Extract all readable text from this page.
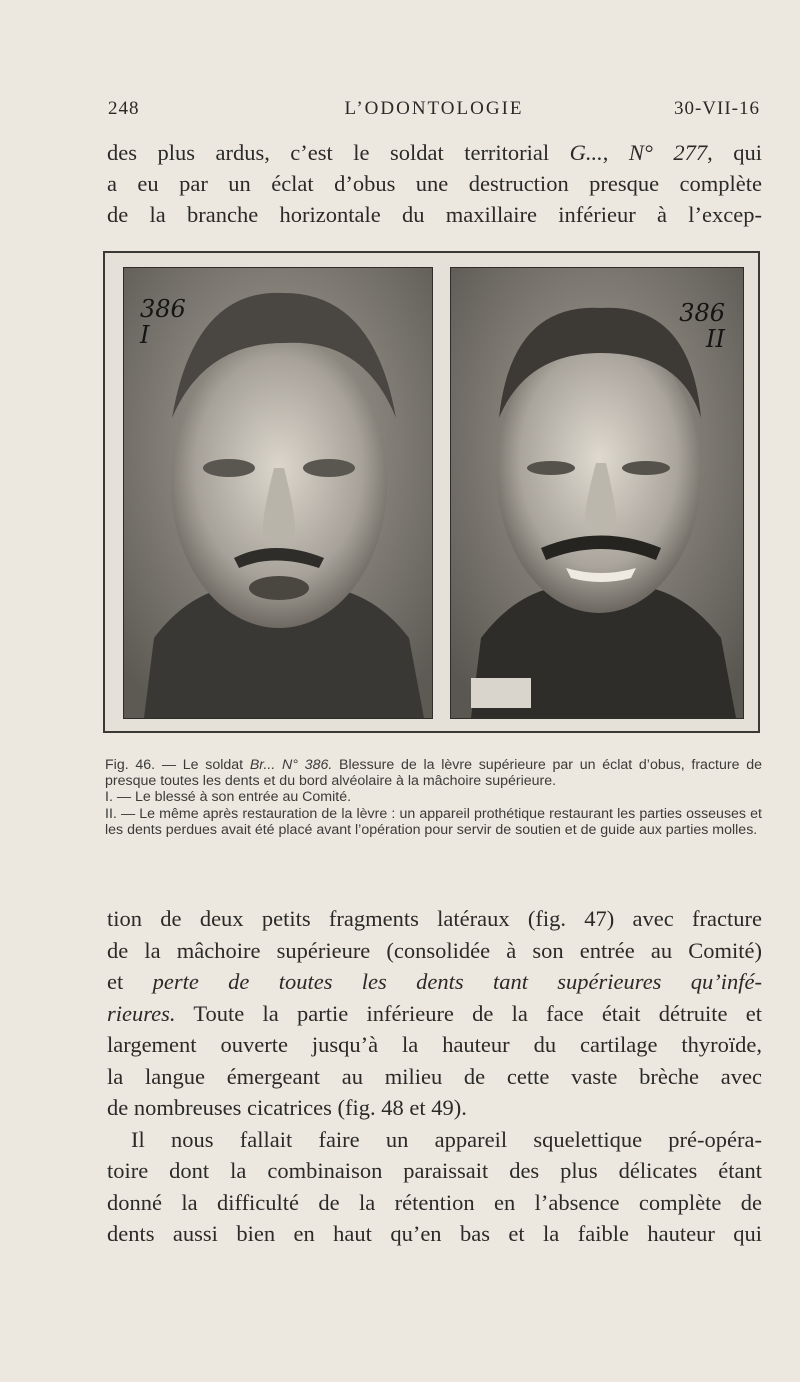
248	L’ODONTOLOGIE	30-VII-16

des plus ardus, c’est le soldat territorial G..., N° 277, qui

a eu par un éclat d’obus une destruction presque complète

de la branche horizontale du maxillaire inférieur à l’excep-

386
I
386
II

Fig. 46. — Le soldat Br... N° 386. Blessure de la lèvre supérieure par un éclat d’obus, fracture de presque toutes les dents et du bord alvéolaire à la mâchoire supérieure.

I. — Le blessé à son entrée au Comité.

II. — Le même après restauration de la lèvre : un appareil prothétique restaurant les parties osseuses et les dents perdues avait été placé avant l’opération pour servir de soutien et de guide aux parties molles.

tion de deux petits fragments latéraux (fig. 47) avec fracture

de la mâchoire supérieure (consolidée à son entrée au Comité)

et perte de toutes les dents tant supérieures qu’infé-

rieures. Toute la partie inférieure de la face était détruite et

largement ouverte jusqu’à la hauteur du cartilage thyroïde,

la langue émergeant au milieu de cette vaste brèche avec

de nombreuses cicatrices (fig. 48 et 49).

Il nous fallait faire un appareil squelettique pré-opéra-

toire dont la combinaison paraissait des plus délicates étant

donné la difficulté de la rétention en l’absence complète de

dents aussi bien en haut qu’en bas et la faible hauteur qui
